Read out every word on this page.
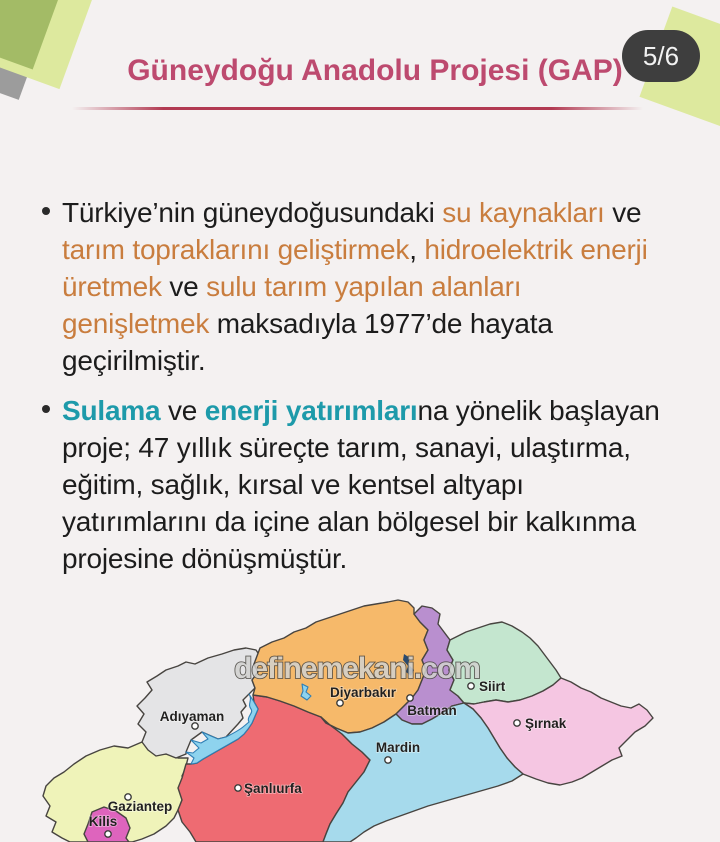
Güneydoğu Anadolu Projesi (GAP) 5/6
Türkiye’nin güneydoğusundaki su kaynakları ve tarım topraklarını geliştirmek, hidroelektrik enerji üretmek ve sulu tarım yapılan alanları genişletmek maksadıyla 1977’de hayata geçirilmiştir.
Sulama ve enerji yatırımlarına yönelik başlayan proje; 47 yıllık süreçte tarım, sanayi, ulaştırma, eğitim, sağlık, kırsal ve kentsel altyapı yatırımlarını da içine alan bölgesel bir kalkınma projesine dönüşmüştür.
Adıyaman
Diyarbakır
Batman
Siirt
Şırnak
Mardin
Şanlıurfa
Gaziantep
Kilis
definemekani.com
